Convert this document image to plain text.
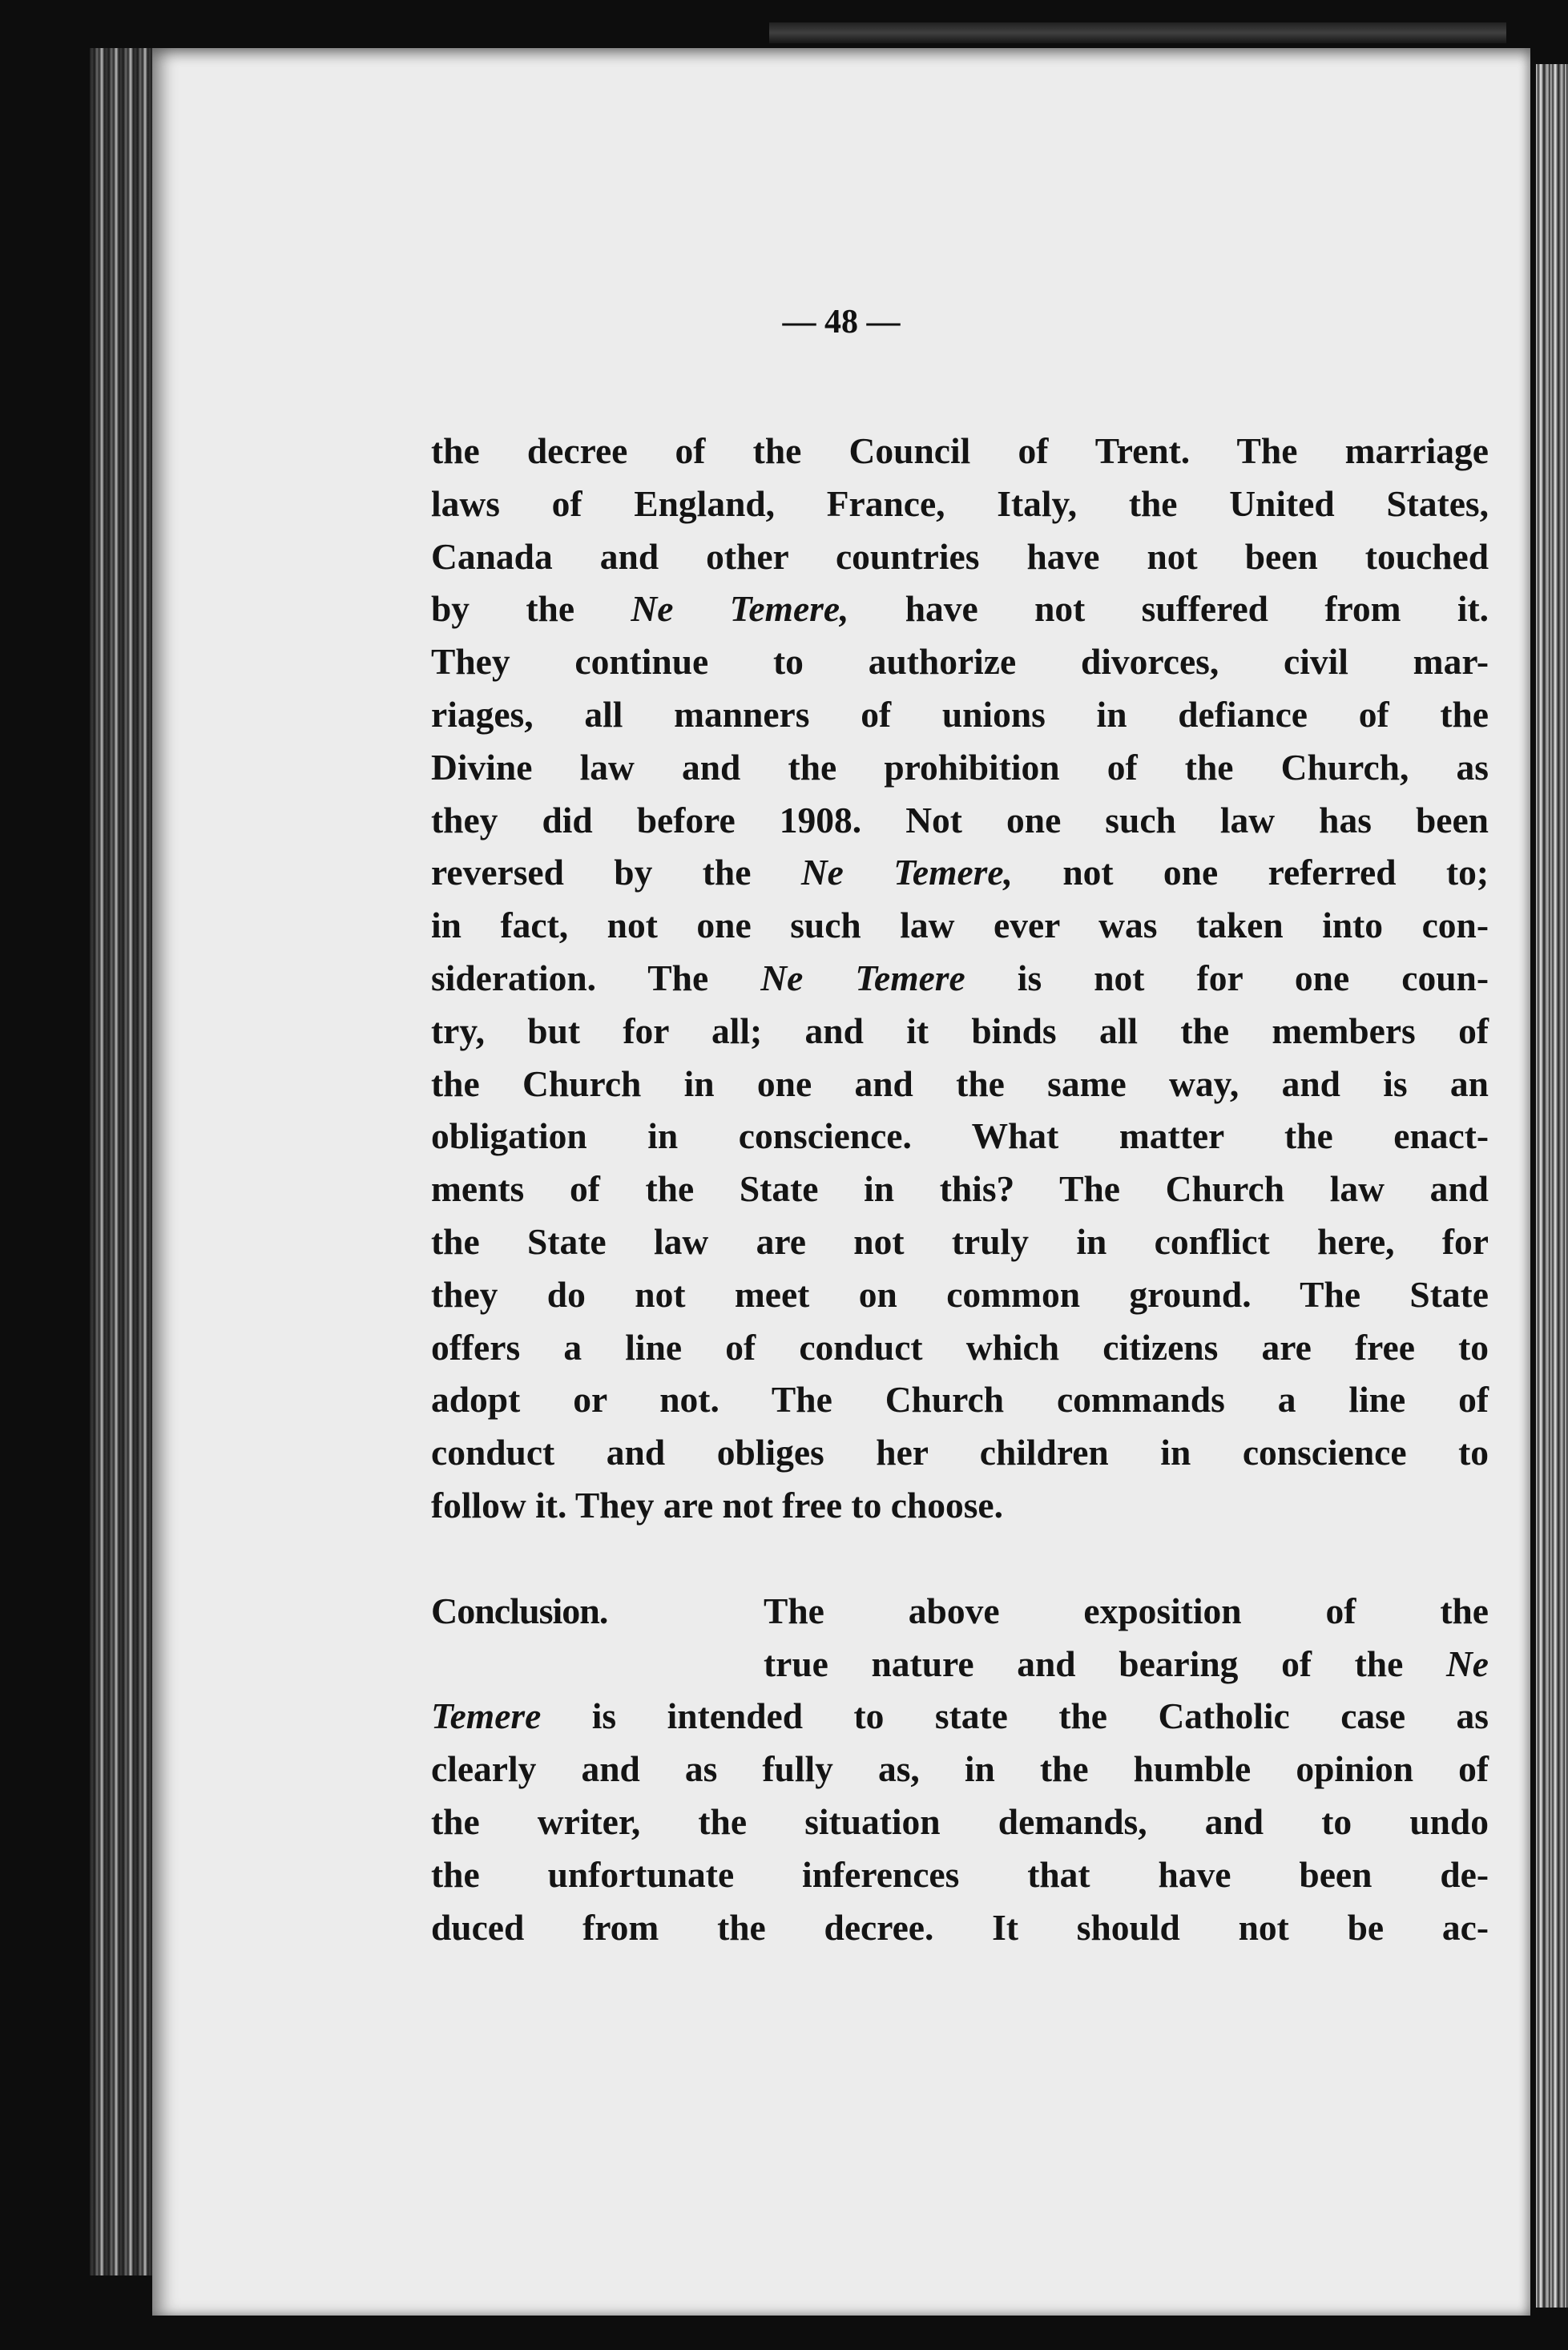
— 48 —
the decree of the Council of Trent. The marriage
laws of England, France, Italy, the United States,
Canada and other countries have not been touched
by the Ne Temere, have not suffered from it.
They continue to authorize divorces, civil mar-
riages, all manners of unions in defiance of the
Divine law and the prohibition of the Church, as
they did before 1908. Not one such law has been
reversed by the Ne Temere, not one referred to;
in fact, not one such law ever was taken into con-
sideration. The Ne Temere is not for one coun-
try, but for all; and it binds all the members of
the Church in one and the same way, and is an
obligation in conscience. What matter the enact-
ments of the State in this? The Church law and
the State law are not truly in conflict here, for
they do not meet on common ground. The State
offers a line of conduct which citizens are free to
adopt or not. The Church commands a line of
conduct and obliges her children in conscience to
follow it. They are not free to choose.
Conclusion.	The above exposition of the
true nature and bearing of the Ne
Temere is intended to state the Catholic case as
clearly and as fully as, in the humble opinion of
the writer, the situation demands, and to undo
the unfortunate inferences that have been de-
duced from the decree. It should not be ac-
